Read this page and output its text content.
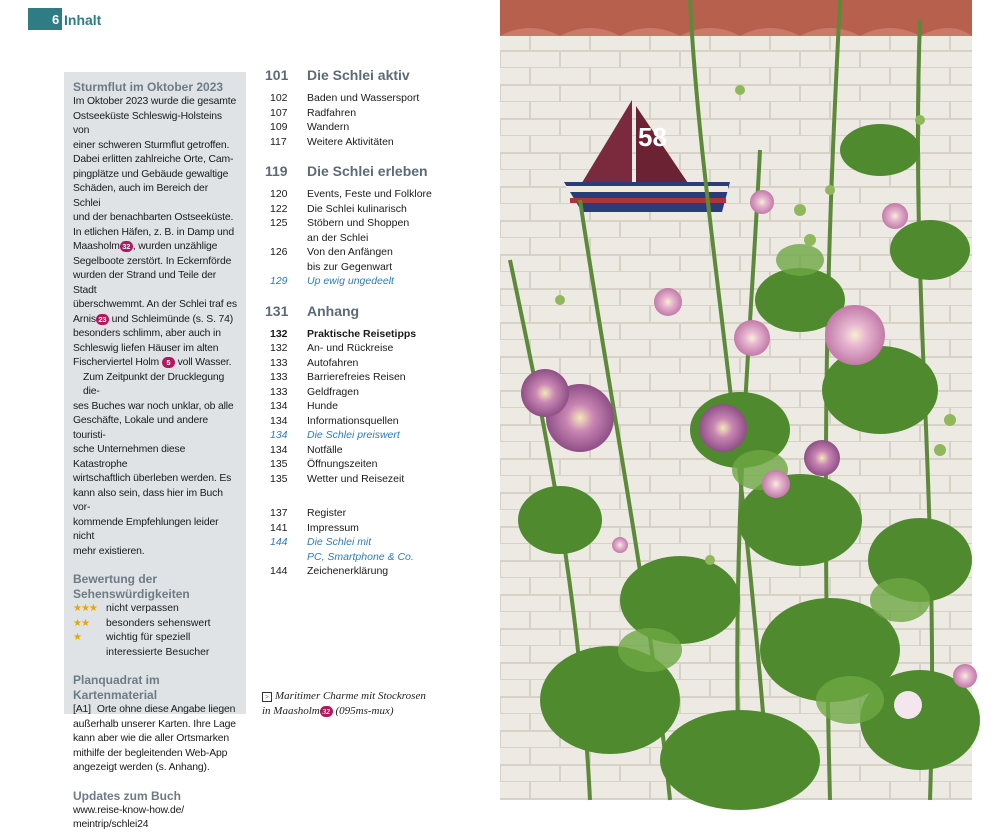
6 Inhalt
Sturmflut im Oktober 2023
Im Oktober 2023 wurde die gesamte
Ostseeküste Schleswig-Holsteins von
einer schweren Sturmflut getroffen.
Dabei erlitten zahlreiche Orte, Cam-
pingplätze und Gebäude gewaltige
Schäden, auch im Bereich der Schlei
und der benachbarten Ostseeküste.
In etlichen Häfen, z. B. in Damp und
Maasholm 32 , wurden unzählige
Segelboote zerstört. In Eckernförde
wurden der Strand und Teile der Stadt
überschwemmt. An der Schlei traf es
Arnis 23 und Schleimünde (s. S. 74)
besonders schlimm, aber auch in
Schleswig liefen Häuser im alten
Fischerviertel Holm 5 voll Wasser.
Zum Zeitpunkt der Drucklegung die-
ses Buches war noch unklar, ob alle
Geschäfte, Lokale und andere touristi-
sche Unternehmen diese Katastrophe
wirtschaftlich überleben werden. Es
kann also sein, dass hier im Buch vor-
kommende Empfehlungen leider nicht
mehr existieren.
Bewertung der
Sehenswürdigkeiten
★★★ nicht verpassen
★★	besonders sehenswert
★	wichtig für speziell
interessierte Besucher
Planquadrat im Kartenmaterial
[A1] Orte ohne diese Angabe liegen
außerhalb unserer Karten. Ihre Lage
kann aber wie die aller Ortsmarken
mithilfe der begleitenden Web-App
angezeigt werden (s. Anhang).
Updates zum Buch
www.reise-know-how.de/
meintrip/schlei24
101	Die Schlei aktiv
102	Baden und Wassersport
107	Radfahren
109	Wandern
117	Weitere Aktivitäten
119	Die Schlei erleben
120	Events, Feste und Folklore
122	Die Schlei kulinarisch
125	Stöbern und Shoppen
an der Schlei
126	Von den Anfängen
bis zur Gegenwart
129	Up ewig ungedeelt
131	Anhang
132	Praktische Reisetipps
132	An- und Rückreise
133	Autofahren
133	Barrierefreies Reisen
133	Geldfragen
134	Hunde
134	Informationsquellen
134	Die Schlei preiswert
134	Notfälle
135	Öffnungszeiten
135	Wetter und Reisezeit
137	Register
141	Impressum
144	Die Schlei mit
PC, Smartphone & Co.
144	Zeichenerklärung
> Maritimer Charme mit Stockrosen
in Maasholm 32 (095ms-mux)
58
